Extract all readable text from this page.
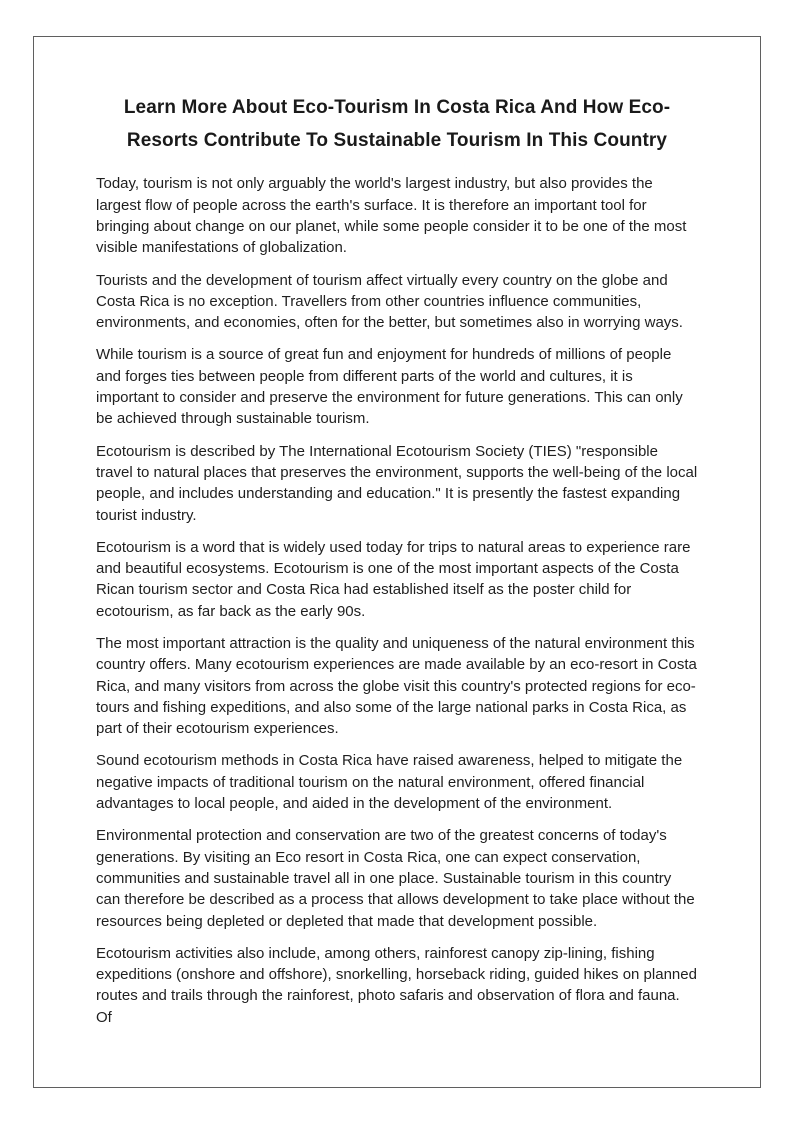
Learn More About Eco-Tourism In Costa Rica And How Eco-Resorts Contribute To Sustainable Tourism In This Country

Today, tourism is not only arguably the world's largest industry, but also provides the largest flow of people across the earth's surface. It is therefore an important tool for bringing about change on our planet, while some people consider it to be one of the most visible manifestations of globalization.

Tourists and the development of tourism affect virtually every country on the globe and Costa Rica is no exception. Travellers from other countries influence communities, environments, and economies, often for the better, but sometimes also in worrying ways.

While tourism is a source of great fun and enjoyment for hundreds of millions of people and forges ties between people from different parts of the world and cultures, it is important to consider and preserve the environment for future generations. This can only be achieved through sustainable tourism.

Ecotourism is described by The International Ecotourism Society (TIES) "responsible travel to natural places that preserves the environment, supports the well-being of the local people, and includes understanding and education." It is presently the fastest expanding tourist industry.

Ecotourism is a word that is widely used today for trips to natural areas to experience rare and beautiful ecosystems. Ecotourism is one of the most important aspects of the Costa Rican tourism sector and Costa Rica had established itself as the poster child for ecotourism, as far back as the early 90s.

The most important attraction is the quality and uniqueness of the natural environment this country offers. Many ecotourism experiences are made available by an eco-resort in Costa Rica, and many visitors from across the globe visit this country's protected regions for eco-tours and fishing expeditions, and also some of the large national parks in Costa Rica, as part of their ecotourism experiences.

Sound ecotourism methods in Costa Rica have raised awareness, helped to mitigate the negative impacts of traditional tourism on the natural environment, offered financial advantages to local people, and aided in the development of the environment.

Environmental protection and conservation are two of the greatest concerns of today's generations. By visiting an Eco resort in Costa Rica, one can expect conservation, communities and sustainable travel all in one place. Sustainable tourism in this country can therefore be described as a process that allows development to take place without the resources being depleted or depleted that made that development possible.

Ecotourism activities also include, among others, rainforest canopy zip-lining, fishing expeditions (onshore and offshore), snorkelling, horseback riding, guided hikes on planned routes and trails through the rainforest, photo safaris and observation of flora and fauna. Of
